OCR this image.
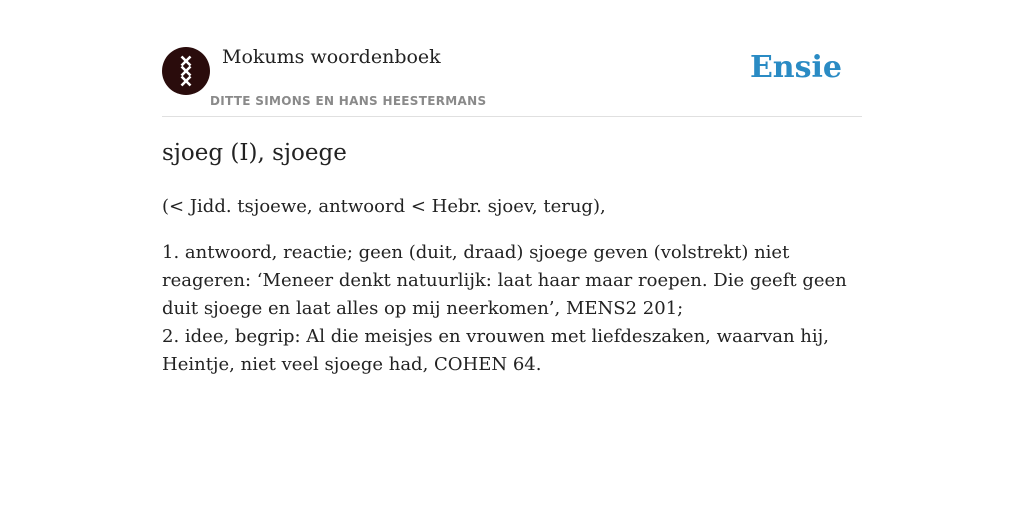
Mokums woordenboek
DITTE SIMONS EN HANS HEESTERMANS
Ensie
sjoeg (I), sjoege

(< Jidd. tsjoewe, antwoord < Hebr. sjoev, terug),

1. antwoord, reactie; geen (duit, draad) sjoege geven (volstrekt) niet reageren: ‘Meneer denkt natuurlijk: laat haar maar roepen. Die geeft geen duit sjoege en laat alles op mij neerkomen’, MENS2 201;

2. idee, begrip: Al die meisjes en vrouwen met liefdeszaken, waarvan hij, Heintje, niet veel sjoege had, COHEN 64.
